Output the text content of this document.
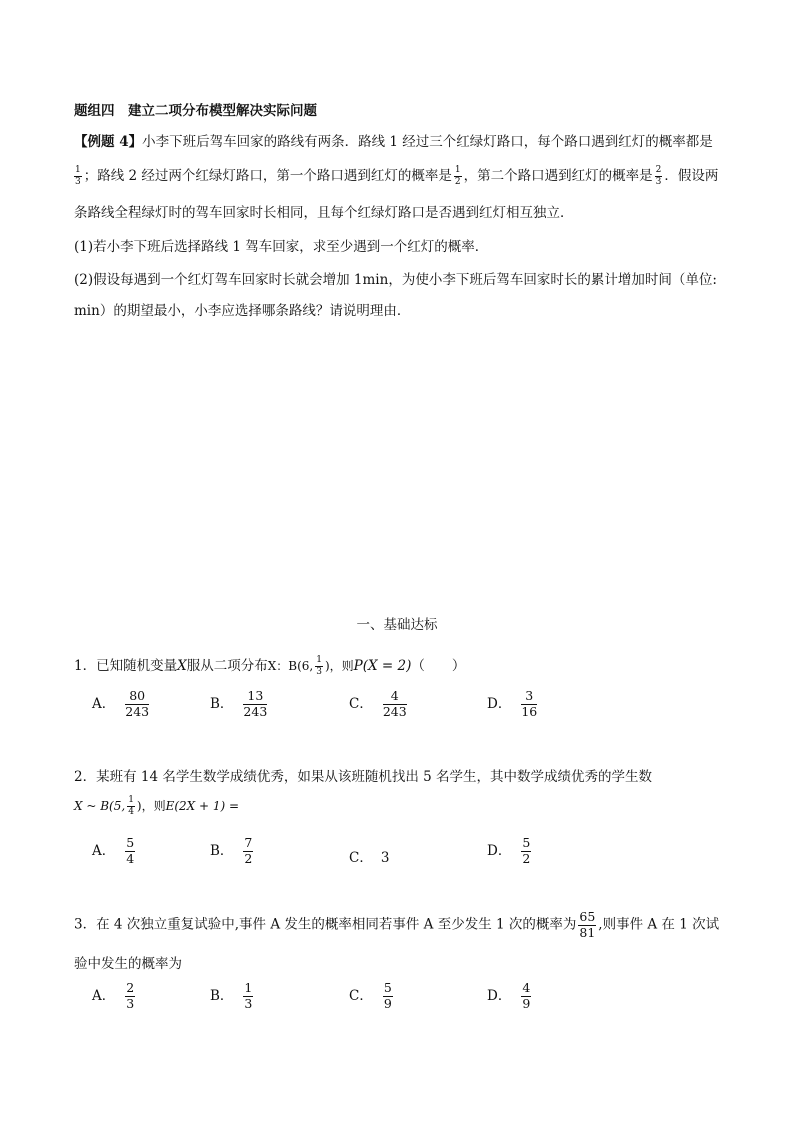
题组四　建立二项分布模型解决实际问题
【例题 4】小李下班后驾车回家的路线有两条．路线 1 经过三个红绿灯路口，每个路口遇到红灯的概率都是
$\frac{1}{3}$ ；路线 2 经过两个红绿灯路口，第一个路口遇到红灯的概率是 $\frac{1}{2}$ ，第二个路口遇到红灯的概率是 $\frac{2}{3}$ ．假设两
条路线全程绿灯时的驾车回家时长相同，且每个红绿灯路口是否遇到红灯相互独立．
(1)若小李下班后选择路线 1 驾车回家，求至少遇到一个红灯的概率．
(2)假设每遇到一个红灯驾车回家时长就会增加 1min，为使小李下班后驾车回家时长的累计增加时间（单位:
min）的期望最小，小李应选择哪条路线？请说明理由．
一、基础达标
1．已知随机变量X服从二项分布X：B(6, $\frac{1}{3}$ )，则P(X = 2)（　　）
A． $\frac{80}{243}$	B． $\frac{13}{243}$	C． $\frac{4}{243}$	D． $\frac{3}{16}$
2．某班有 14 名学生数学成绩优秀，如果从该班随机找出 5 名学生，其中数学成绩优秀的学生数
X ~ B(5, $\frac{1}{4}$ )，则E(2X + 1) =
A． $\frac{5}{4}$	B． $\frac{7}{2}$	C． 3	D． $\frac{5}{2}$
3．在 4 次独立重复试验中,事件 A 发生的概率相同若事件 A 至少发生 1 次的概率为 $\frac{65}{81}$ ,则事件 A 在 1 次试
验中发生的概率为
A． $\frac{2}{3}$	B． $\frac{1}{3}$	C． $\frac{5}{9}$	D． $\frac{4}{9}$
